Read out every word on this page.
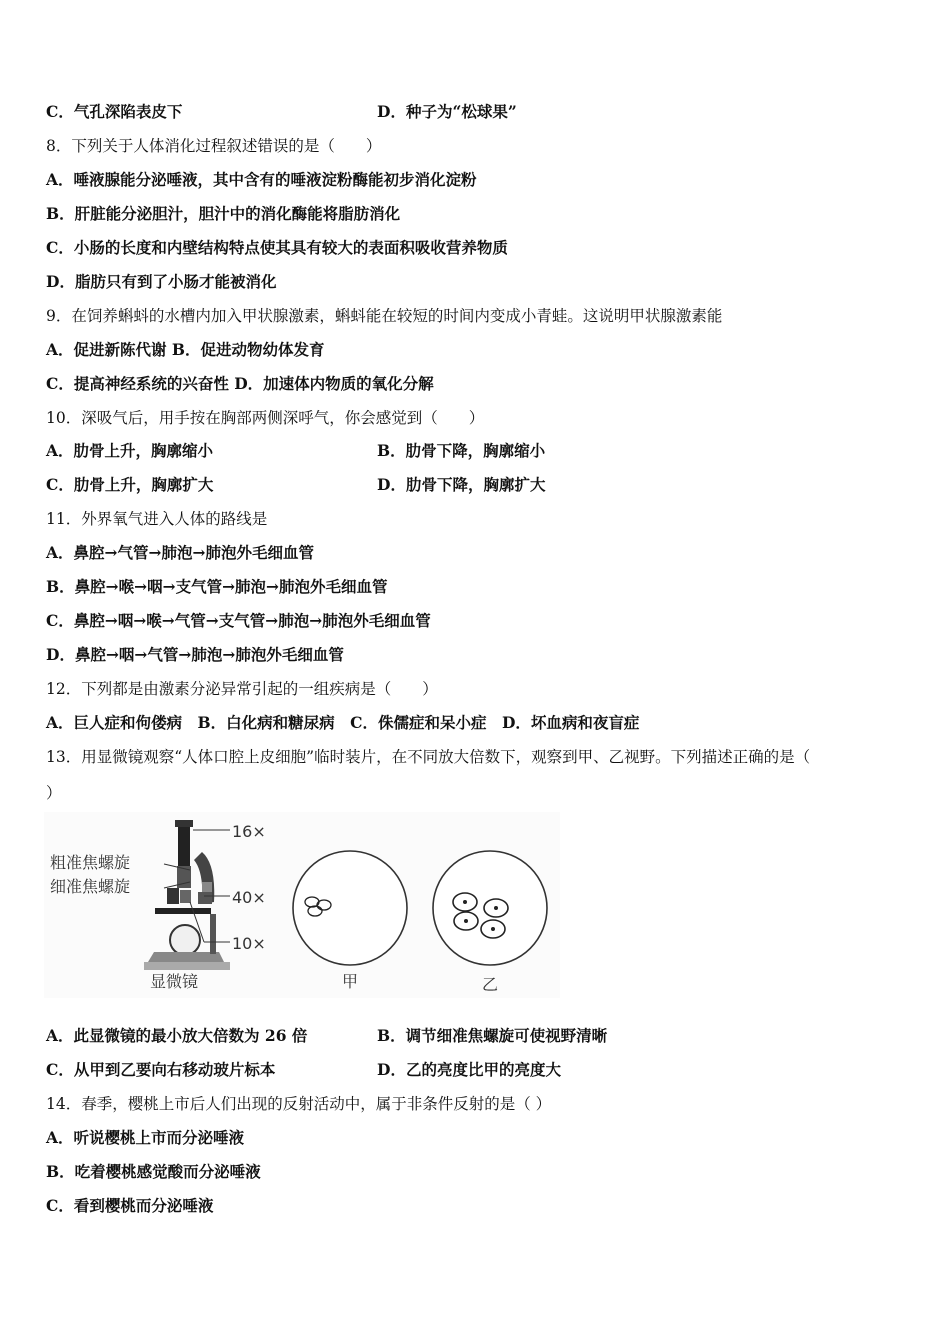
C．气孔深陷表皮下	D．种子为“松球果”
8．下列关于人体消化过程叙述错误的是（　　）
A．唾液腺能分泌唾液，其中含有的唾液淀粉酶能初步消化淀粉
B．肝脏能分泌胆汁，胆汁中的消化酶能将脂肪消化
C．小肠的长度和内壁结构特点使其具有较大的表面积吸收营养物质
D．脂肪只有到了小肠才能被消化
9．在饲养蝌蚪的水槽内加入甲状腺激素，蝌蚪能在较短的时间内变成小青蛙。这说明甲状腺激素能
A．促进新陈代谢 B．促进动物幼体发育
C．提高神经系统的兴奋性 D．加速体内物质的氧化分解
10．深吸气后，用手按在胸部两侧深呼气，你会感觉到（　　）
A．肋骨上升，胸廓缩小	B．肋骨下降，胸廓缩小
C．肋骨上升，胸廓扩大	D．肋骨下降，胸廓扩大
11．外界氧气进入人体的路线是
A．鼻腔→气管→肺泡→肺泡外毛细血管
B．鼻腔→喉→咽→支气管→肺泡→肺泡外毛细血管
C．鼻腔→咽→喉→气管→支气管→肺泡→肺泡外毛细血管
D．鼻腔→咽→气管→肺泡→肺泡外毛细血管
12．下列都是由激素分泌异常引起的一组疾病是（　　）
A．巨人症和佝偻病　B．白化病和糖尿病　C．侏儒症和呆小症　D．坏血病和夜盲症
13．用显微镜观察“人体口腔上皮细胞”临时装片，在不同放大倍数下，观察到甲、乙视野。下列描述正确的是（
）
16×
粗准焦螺旋
细准焦螺旋
40×
10×
显微镜	甲	乙
A．此显微镜的最小放大倍数为 26 倍	B．调节细准焦螺旋可使视野清晰
C．从甲到乙要向右移动玻片标本	D．乙的亮度比甲的亮度大
14．春季，樱桃上市后人们出现的反射活动中，属于非条件反射的是（ ）
A．听说樱桃上市而分泌唾液
B．吃着樱桃感觉酸而分泌唾液
C．看到樱桃而分泌唾液
